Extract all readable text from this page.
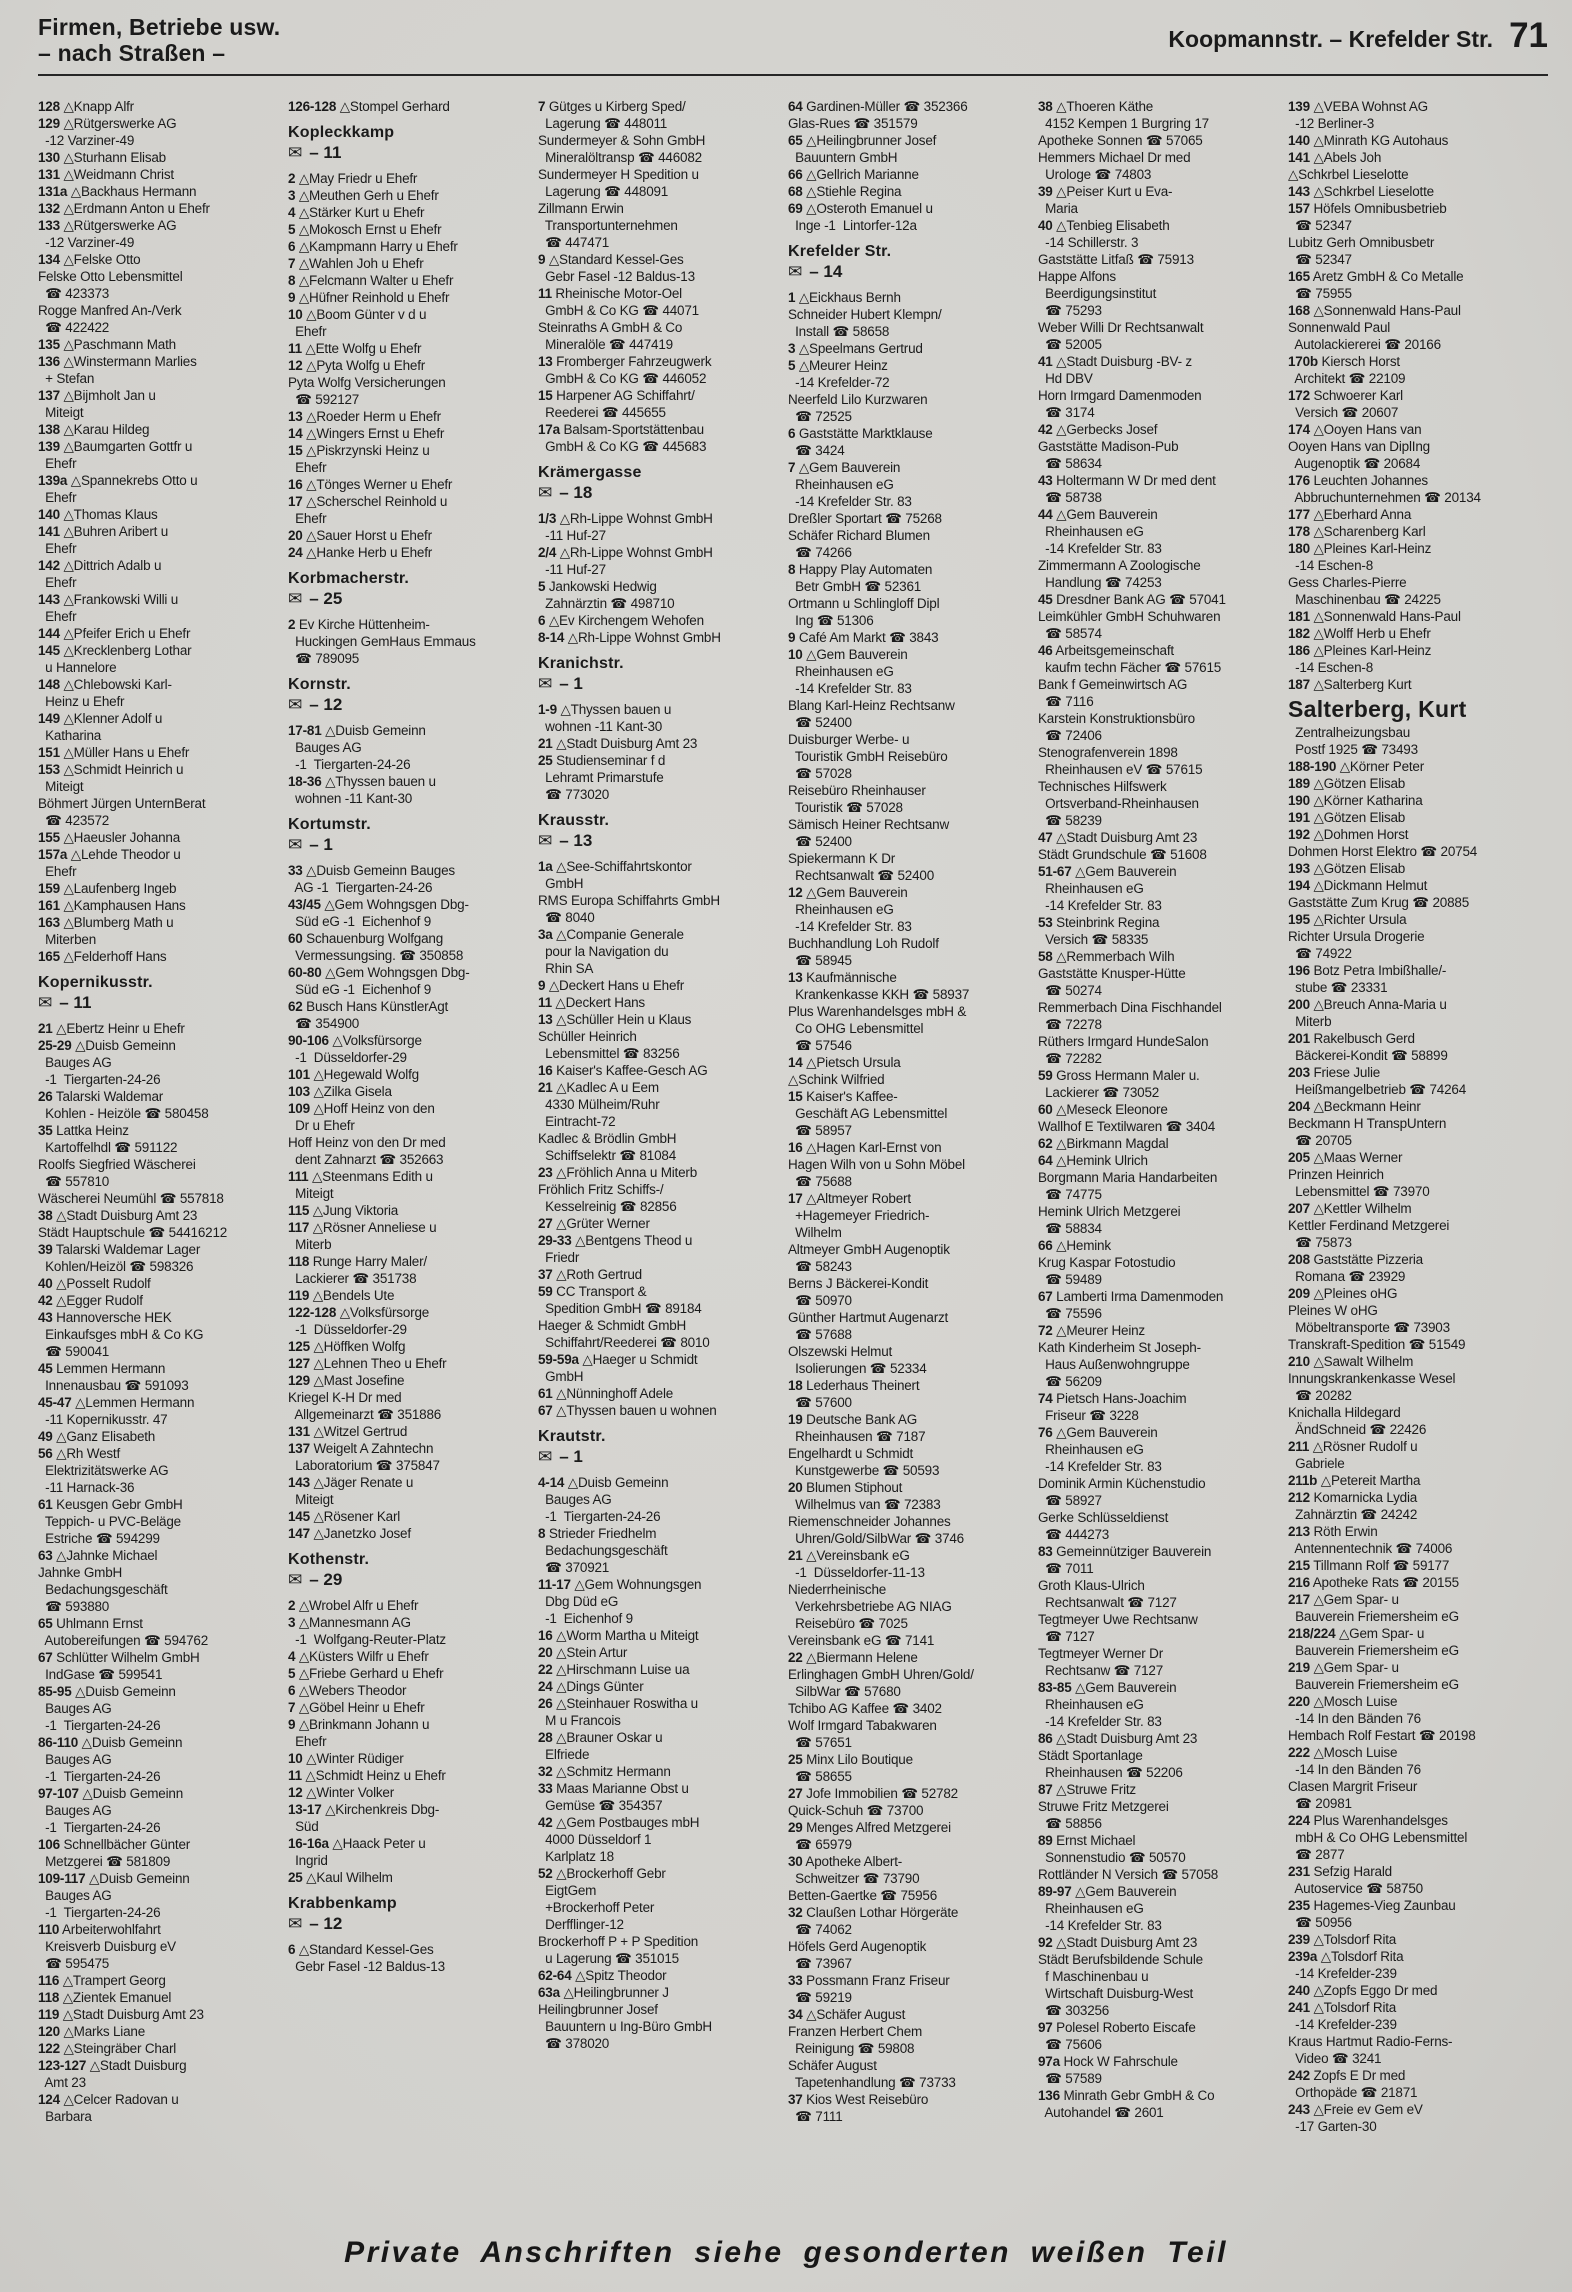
Firmen, Betriebe usw.
– nach Straßen –
Koopmannstr. – Krefelder Str. 71
128 △Knapp Alfr
129 △Rütgerswerke AG
-12 Varziner-49
130 △Sturhann Elisab
131 △Weidmann Christ
131a △Backhaus Hermann
132 △Erdmann Anton u Ehefr
133 △Rütgerswerke AG
-12 Varziner-49
134 △Felske Otto
Felske Otto Lebensmittel
☎ 423373
Rogge Manfred An-/Verk
☎ 422422
135 △Paschmann Math
136 △Winstermann Marlies
+ Stefan
137 △Bijmholt Jan u
Miteigt
138 △Karau Hildeg
139 △Baumgarten Gottfr u
Ehefr
139a △Spannekrebs Otto u
Ehefr
140 △Thomas Klaus
141 △Buhren Aribert u
Ehefr
142 △Dittrich Adalb u
Ehefr
143 △Frankowski Willi u
Ehefr
144 △Pfeifer Erich u Ehefr
145 △Krecklenberg Lothar
u Hannelore
148 △Chlebowski Karl-
Heinz u Ehefr
149 △Klenner Adolf u
Katharina
151 △Müller Hans u Ehefr
153 △Schmidt Heinrich u
Miteigt
Böhmert Jürgen UnternBerat
☎ 423572
155 △Haeusler Johanna
157a △Lehde Theodor u
Ehefr
159 △Laufenberg Ingeb
161 △Kamphausen Hans
163 △Blumberg Math u
Miterben
165 △Felderhoff Hans
Kopernikusstr.
✉ – 11
21 △Ebertz Heinr u Ehefr
25-29 △Duisb Gemeinn
Bauges AG
-1  Tiergarten-24-26
26 Talarski Waldemar
Kohlen - Heizöle ☎ 580458
35 Lattka Heinz
Kartoffelhdl ☎ 591122
Roolfs Siegfried Wäscherei
☎ 557810
Wäscherei Neumühl ☎ 557818
38 △Stadt Duisburg Amt 23
Städt Hauptschule ☎ 54416212
39 Talarski Waldemar Lager
Kohlen/Heizöl ☎ 598326
40 △Posselt Rudolf
42 △Egger Rudolf
43 Hannoversche HEK
Einkaufsges mbH & Co KG
☎ 590041
45 Lemmen Hermann
Innenausbau ☎ 591093
45-47 △Lemmen Hermann
-11 Kopernikusstr. 47
49 △Ganz Elisabeth
56 △Rh Westf
Elektrizitätswerke AG
-11 Harnack-36
61 Keusgen Gebr GmbH
Teppich- u PVC-Beläge
Estriche ☎ 594299
63 △Jahnke Michael
Jahnke GmbH
Bedachungsgeschäft
☎ 593880
65 Uhlmann Ernst
Autobereifungen ☎ 594762
67 Schlütter Wilhelm GmbH
IndGase ☎ 599541
85-95 △Duisb Gemeinn
Bauges AG
-1  Tiergarten-24-26
86-110 △Duisb Gemeinn
Bauges AG
-1  Tiergarten-24-26
97-107 △Duisb Gemeinn
Bauges AG
-1  Tiergarten-24-26
106 Schnellbächer Günter
Metzgerei ☎ 581809
109-117 △Duisb Gemeinn
Bauges AG
-1  Tiergarten-24-26
110 Arbeiterwohlfahrt
Kreisverb Duisburg eV
☎ 595475
116 △Trampert Georg
118 △Zientek Emanuel
119 △Stadt Duisburg Amt 23
120 △Marks Liane
122 △Steingräber Charl
123-127 △Stadt Duisburg
Amt 23
124 △Celcer Radovan u
Barbara
126-128 △Stompel Gerhard
Kopleckkamp
✉ – 11
2 △May Friedr u Ehefr
3 △Meuthen Gerh u Ehefr
4 △Stärker Kurt u Ehefr
5 △Mokosch Ernst u Ehefr
6 △Kampmann Harry u Ehefr
7 △Wahlen Joh u Ehefr
8 △Felcmann Walter u Ehefr
9 △Hüfner Reinhold u Ehefr
10 △Boom Günter v d u
Ehefr
11 △Ette Wolfg u Ehefr
12 △Pyta Wolfg u Ehefr
Pyta Wolfg Versicherungen
☎ 592127
13 △Roeder Herm u Ehefr
14 △Wingers Ernst u Ehefr
15 △Piskrzynski Heinz u
Ehefr
16 △Tönges Werner u Ehefr
17 △Scherschel Reinhold u
Ehefr
20 △Sauer Horst u Ehefr
24 △Hanke Herb u Ehefr
Korbmacherstr.
✉ – 25
2 Ev Kirche Hüttenheim-
Huckingen GemHaus Emmaus
☎ 789095
Kornstr.
✉ – 12
17-81 △Duisb Gemeinn
Bauges AG
-1  Tiergarten-24-26
18-36 △Thyssen bauen u
wohnen -11 Kant-30
Kortumstr.
✉ – 1
33 △Duisb Gemeinn Bauges
AG -1  Tiergarten-24-26
43/45 △Gem Wohngsgen Dbg-
Süd eG -1  Eichenhof 9
60 Schauenburg Wolfgang
Vermessungsing. ☎ 350858
60-80 △Gem Wohngsgen Dbg-
Süd eG -1  Eichenhof 9
62 Busch Hans KünstlerAgt
☎ 354900
90-106 △Volksfürsorge
-1  Düsseldorfer-29
101 △Hegewald Wolfg
103 △Zilka Gisela
109 △Hoff Heinz von den
Dr u Ehefr
Hoff Heinz von den Dr med
dent Zahnarzt ☎ 352663
111 △Steenmans Edith u
Miteigt
115 △Jung Viktoria
117 △Rösner Anneliese u
Miterb
118 Runge Harry Maler/
Lackierer ☎ 351738
119 △Bendels Ute
122-128 △Volksfürsorge
-1  Düsseldorfer-29
125 △Höffken Wolfg
127 △Lehnen Theo u Ehefr
129 △Mast Josefine
Kriegel K-H Dr med
Allgemeinarzt ☎ 351886
131 △Witzel Gertrud
137 Weigelt A Zahntechn
Laboratorium ☎ 375847
143 △Jäger Renate u
Miteigt
145 △Rösener Karl
147 △Janetzko Josef
Kothenstr.
✉ – 29
2 △Wrobel Alfr u Ehefr
3 △Mannesmann AG
-1  Wolfgang-Reuter-Platz
4 △Küsters Wilfr u Ehefr
5 △Friebe Gerhard u Ehefr
6 △Webers Theodor
7 △Göbel Heinr u Ehefr
9 △Brinkmann Johann u
Ehefr
10 △Winter Rüdiger
11 △Schmidt Heinz u Ehefr
12 △Winter Volker
13-17 △Kirchenkreis Dbg-
Süd
16-16a △Haack Peter u
Ingrid
25 △Kaul Wilhelm
Krabbenkamp
✉ – 12
6 △Standard Kessel-Ges
Gebr Fasel -12 Baldus-13
7 Gütges u Kirberg Sped/
Lagerung ☎ 448011
Sundermeyer & Sohn GmbH
Mineralöltransp ☎ 446082
Sundermeyer H Spedition u
Lagerung ☎ 448091
Zillmann Erwin
Transportunternehmen
☎ 447471
9 △Standard Kessel-Ges
Gebr Fasel -12 Baldus-13
11 Rheinische Motor-Oel
GmbH & Co KG ☎ 44071
Steinraths A GmbH & Co
Mineralöle ☎ 447419
13 Fromberger Fahrzeugwerk
GmbH & Co KG ☎ 446052
15 Harpener AG Schiffahrt/
Reederei ☎ 445655
17a Balsam-Sportstättenbau
GmbH & Co KG ☎ 445683
Krämergasse
✉ – 18
1/3 △Rh-Lippe Wohnst GmbH
-11 Huf-27
2/4 △Rh-Lippe Wohnst GmbH
-11 Huf-27
5 Jankowski Hedwig
Zahnärztin ☎ 498710
6 △Ev Kirchengem Wehofen
8-14 △Rh-Lippe Wohnst GmbH
Kranichstr.
✉ – 1
1-9 △Thyssen bauen u
wohnen -11 Kant-30
21 △Stadt Duisburg Amt 23
25 Studienseminar f d
Lehramt Primarstufe
☎ 773020
Krausstr.
✉ – 13
1a △See-Schiffahrtskontor
GmbH
RMS Europa Schiffahrts GmbH
☎ 8040
3a △Companie Generale
pour la Navigation du
Rhin SA
9 △Deckert Hans u Ehefr
11 △Deckert Hans
13 △Schüller Hein u Klaus
Schüller Heinrich
Lebensmittel ☎ 83256
16 Kaiser's Kaffee-Gesch AG
21 △Kadlec A u Eem
4330 Mülheim/Ruhr
Eintracht-72
Kadlec & Brödlin GmbH
Schiffselektr ☎ 81084
23 △Fröhlich Anna u Miterb
Fröhlich Fritz Schiffs-/
Kesselreinig ☎ 82856
27 △Grüter Werner
29-33 △Bentgens Theod u
Friedr
37 △Roth Gertrud
59 CC Transport &
Spedition GmbH ☎ 89184
Haeger & Schmidt GmbH
Schiffahrt/Reederei ☎ 8010
59-59a △Haeger u Schmidt
GmbH
61 △Nünninghoff Adele
67 △Thyssen bauen u wohnen
Krautstr.
✉ – 1
4-14 △Duisb Gemeinn
Bauges AG
-1  Tiergarten-24-26
8 Strieder Friedhelm
Bedachungsgeschäft
☎ 370921
11-17 △Gem Wohnungsgen
Dbg Düd eG
-1  Eichenhof 9
16 △Worm Martha u Miteigt
20 △Stein Artur
22 △Hirschmann Luise ua
24 △Dings Günter
26 △Steinhauer Roswitha u
M u Francois
28 △Brauner Oskar u
Elfriede
32 △Schmitz Hermann
33 Maas Marianne Obst u
Gemüse ☎ 354357
42 △Gem Postbauges mbH
4000 Düsseldorf 1
Karlplatz 18
52 △Brockerhoff Gebr
EigtGem
+Brockerhoff Peter
Derfflinger-12
Brockerhoff P + P Spedition
u Lagerung ☎ 351015
62-64 △Spitz Theodor
63a △Heilingbrunner J
Heilingbrunner Josef
Bauuntern u Ing-Büro GmbH
☎ 378020
64 Gardinen-Müller ☎ 352366
Glas-Rues ☎ 351579
65 △Heilingbrunner Josef
Bauuntern GmbH
66 △Gellrich Marianne
68 △Stiehle Regina
69 △Osteroth Emanuel u
Inge -1  Lintorfer-12a
Krefelder Str.
✉ – 14
1 △Eickhaus Bernh
Schneider Hubert Klempn/
Install ☎ 58658
3 △Speelmans Gertrud
5 △Meurer Heinz
-14 Krefelder-72
Neerfeld Lilo Kurzwaren
☎ 72525
6 Gaststätte Marktklause
☎ 3424
7 △Gem Bauverein
Rheinhausen eG
-14 Krefelder Str. 83
Dreßler Sportart ☎ 75268
Schäfer Richard Blumen
☎ 74266
8 Happy Play Automaten
Betr GmbH ☎ 52361
Ortmann u Schlingloff Dipl
Ing ☎ 51306
9 Café Am Markt ☎ 3843
10 △Gem Bauverein
Rheinhausen eG
-14 Krefelder Str. 83
Blang Karl-Heinz Rechtsanw
☎ 52400
Duisburger Werbe- u
Touristik GmbH Reisebüro
☎ 57028
Reisebüro Rheinhauser
Touristik ☎ 57028
Sämisch Heiner Rechtsanw
☎ 52400
Spiekermann K Dr
Rechtsanwalt ☎ 52400
12 △Gem Bauverein
Rheinhausen eG
-14 Krefelder Str. 83
Buchhandlung Loh Rudolf
☎ 58945
13 Kaufmännische
Krankenkasse KKH ☎ 58937
Plus Warenhandelsges mbH &
Co OHG Lebensmittel
☎ 57546
14 △Pietsch Ursula
△Schink Wilfried
15 Kaiser's Kaffee-
Geschäft AG Lebensmittel
☎ 58957
16 △Hagen Karl-Ernst von
Hagen Wilh von u Sohn Möbel
☎ 75688
17 △Altmeyer Robert
+Hagemeyer Friedrich-
Wilhelm
Altmeyer GmbH Augenoptik
☎ 58243
Berns J Bäckerei-Kondit
☎ 50970
Günther Hartmut Augenarzt
☎ 57688
Olszewski Helmut
Isolierungen ☎ 52334
18 Lederhaus Theinert
☎ 57600
19 Deutsche Bank AG
Rheinhausen ☎ 7187
Engelhardt u Schmidt
Kunstgewerbe ☎ 50593
20 Blumen Stiphout
Wilhelmus van ☎ 72383
Riemenschneider Johannes
Uhren/Gold/SilbWar ☎ 3746
21 △Vereinsbank eG
-1  Düsseldorfer-11-13
Niederrheinische
Verkehrsbetriebe AG NIAG
Reisebüro ☎ 7025
Vereinsbank eG ☎ 7141
22 △Biermann Helene
Erlinghagen GmbH Uhren/Gold/
SilbWar ☎ 57680
Tchibo AG Kaffee ☎ 3402
Wolf Irmgard Tabakwaren
☎ 57651
25 Minx Lilo Boutique
☎ 58655
27 Jofe Immobilien ☎ 52782
Quick-Schuh ☎ 73700
29 Menges Alfred Metzgerei
☎ 65979
30 Apotheke Albert-
Schweitzer ☎ 73790
Betten-Gaertke ☎ 75956
32 Claußen Lothar Hörgeräte
☎ 74062
Höfels Gerd Augenoptik
☎ 73967
33 Possmann Franz Friseur
☎ 59219
34 △Schäfer August
Franzen Herbert Chem
Reinigung ☎ 59808
Schäfer August
Tapetenhandlung ☎ 73733
37 Kios West Reisebüro
☎ 7111
38 △Thoeren Käthe
4152 Kempen 1 Burgring 17
Apotheke Sonnen ☎ 57065
Hemmers Michael Dr med
Urologe ☎ 74803
39 △Peiser Kurt u Eva-
Maria
40 △Tenbieg Elisabeth
-14 Schillerstr. 3
Gaststätte Litfaß ☎ 75913
Happe Alfons
Beerdigungsinstitut
☎ 75293
Weber Willi Dr Rechtsanwalt
☎ 52005
41 △Stadt Duisburg -BV- z
Hd DBV
Horn Irmgard Damenmoden
☎ 3174
42 △Gerbecks Josef
Gaststätte Madison-Pub
☎ 58634
43 Holtermann W Dr med dent
☎ 58738
44 △Gem Bauverein
Rheinhausen eG
-14 Krefelder Str. 83
Zimmermann A Zoologische
Handlung ☎ 74253
45 Dresdner Bank AG ☎ 57041
Leimkühler GmbH Schuhwaren
☎ 58574
46 Arbeitsgemeinschaft
kaufm techn Fächer ☎ 57615
Bank f Gemeinwirtsch AG
☎ 7116
Karstein Konstruktionsbüro
☎ 72406
Stenografenverein 1898
Rheinhausen eV ☎ 57615
Technisches Hilfswerk
Ortsverband-Rheinhausen
☎ 58239
47 △Stadt Duisburg Amt 23
Städt Grundschule ☎ 51608
51-67 △Gem Bauverein
Rheinhausen eG
-14 Krefelder Str. 83
53 Steinbrink Regina
Versich ☎ 58335
58 △Remmerbach Wilh
Gaststätte Knusper-Hütte
☎ 50274
Remmerbach Dina Fischhandel
☎ 72278
Rüthers Irmgard HundeSalon
☎ 72282
59 Gross Hermann Maler u.
Lackierer ☎ 73052
60 △Meseck Eleonore
Wallhof E Textilwaren ☎ 3404
62 △Birkmann Magdal
64 △Hemink Ulrich
Borgmann Maria Handarbeiten
☎ 74775
Hemink Ulrich Metzgerei
☎ 58834
66 △Hemink
Krug Kaspar Fotostudio
☎ 59489
67 Lamberti Irma Damenmoden
☎ 75596
72 △Meurer Heinz
Kath Kinderheim St Joseph-
Haus Außenwohngruppe
☎ 56209
74 Pietsch Hans-Joachim
Friseur ☎ 3228
76 △Gem Bauverein
Rheinhausen eG
-14 Krefelder Str. 83
Dominik Armin Küchenstudio
☎ 58927
Gerke Schlüsseldienst
☎ 444273
83 Gemeinnütziger Bauverein
☎ 7011
Groth Klaus-Ulrich
Rechtsanwalt ☎ 7127
Tegtmeyer Uwe Rechtsanw
☎ 7127
Tegtmeyer Werner Dr
Rechtsanw ☎ 7127
83-85 △Gem Bauverein
Rheinhausen eG
-14 Krefelder Str. 83
86 △Stadt Duisburg Amt 23
Städt Sportanlage
Rheinhausen ☎ 52206
87 △Struwe Fritz
Struwe Fritz Metzgerei
☎ 58856
89 Ernst Michael
Sonnenstudio ☎ 50570
Rottländer N Versich ☎ 57058
89-97 △Gem Bauverein
Rheinhausen eG
-14 Krefelder Str. 83
92 △Stadt Duisburg Amt 23
Städt Berufsbildende Schule
f Maschinenbau u
Wirtschaft Duisburg-West
☎ 303256
97 Polesel Roberto Eiscafe
☎ 75606
97a Hock W Fahrschule
☎ 57589
136 Minrath Gebr GmbH & Co
Autohandel ☎ 2601
139 △VEBA Wohnst AG
-12 Berliner-3
140 △Minrath KG Autohaus
141 △Abels Joh
△Schkrbel Lieselotte
143 △Schkrbel Lieselotte
157 Höfels Omnibusbetrieb
☎ 52347
Lubitz Gerh Omnibusbetr
☎ 52347
165 Aretz GmbH & Co Metalle
☎ 75955
168 △Sonnenwald Hans-Paul
Sonnenwald Paul
Autolackiererei ☎ 20166
170b Kiersch Horst
Architekt ☎ 22109
172 Schwoerer Karl
Versich ☎ 20607
174 △Ooyen Hans van
Ooyen Hans van DiplIng
Augenoptik ☎ 20684
176 Leuchten Johannes
Abbruchunternehmen ☎ 20134
177 △Eberhard Anna
178 △Scharenberg Karl
180 △Pleines Karl-Heinz
-14 Eschen-8
Gess Charles-Pierre
Maschinenbau ☎ 24225
181 △Sonnenwald Hans-Paul
182 △Wolff Herb u Ehefr
186 △Pleines Karl-Heinz
-14 Eschen-8
187 △Salterberg Kurt
Salterberg, Kurt
Zentralheizungsbau
Postf 1925 ☎ 73493
188-190 △Körner Peter
189 △Götzen Elisab
190 △Körner Katharina
191 △Götzen Elisab
192 △Dohmen Horst
Dohmen Horst Elektro ☎ 20754
193 △Götzen Elisab
194 △Dickmann Helmut
Gaststätte Zum Krug ☎ 20885
195 △Richter Ursula
Richter Ursula Drogerie
☎ 74922
196 Botz Petra Imbißhalle/-
stube ☎ 23331
200 △Breuch Anna-Maria u
Miterb
201 Rakelbusch Gerd
Bäckerei-Kondit ☎ 58899
203 Friese Julie
Heißmangelbetrieb ☎ 74264
204 △Beckmann Heinr
Beckmann H TranspUntern
☎ 20705
205 △Maas Werner
Prinzen Heinrich
Lebensmittel ☎ 73970
207 △Kettler Wilhelm
Kettler Ferdinand Metzgerei
☎ 75873
208 Gaststätte Pizzeria
Romana ☎ 23929
209 △Pleines oHG
Pleines W oHG
Möbeltransporte ☎ 73903
Transkraft-Spedition ☎ 51549
210 △Sawalt Wilhelm
Innungskrankenkasse Wesel
☎ 20282
Knichalla Hildegard
ÄndSchneid ☎ 22426
211 △Rösner Rudolf u
Gabriele
211b △Petereit Martha
212 Komarnicka Lydia
Zahnärztin ☎ 24242
213 Röth Erwin
Antennentechnik ☎ 74006
215 Tillmann Rolf ☎ 59177
216 Apotheke Rats ☎ 20155
217 △Gem Spar- u
Bauverein Friemersheim eG
218/224 △Gem Spar- u
Bauverein Friemersheim eG
219 △Gem Spar- u
Bauverein Friemersheim eG
220 △Mosch Luise
-14 In den Bänden 76
Hembach Rolf Festart ☎ 20198
222 △Mosch Luise
-14 In den Bänden 76
Clasen Margrit Friseur
☎ 20981
224 Plus Warenhandelsges
mbH & Co OHG Lebensmittel
☎ 2877
231 Sefzig Harald
Autoservice ☎ 58750
235 Hagemes-Vieg Zaunbau
☎ 50956
239 △Tolsdorf Rita
239a △Tolsdorf Rita
-14 Krefelder-239
240 △Zopfs Eggo Dr med
241 △Tolsdorf Rita
-14 Krefelder-239
Kraus Hartmut Radio-Ferns-
Video ☎ 3241
242 Zopfs E Dr med
Orthopäde ☎ 21871
243 △Freie ev Gem eV
-17 Garten-30
Private Anschriften siehe gesonderten weißen Teil
